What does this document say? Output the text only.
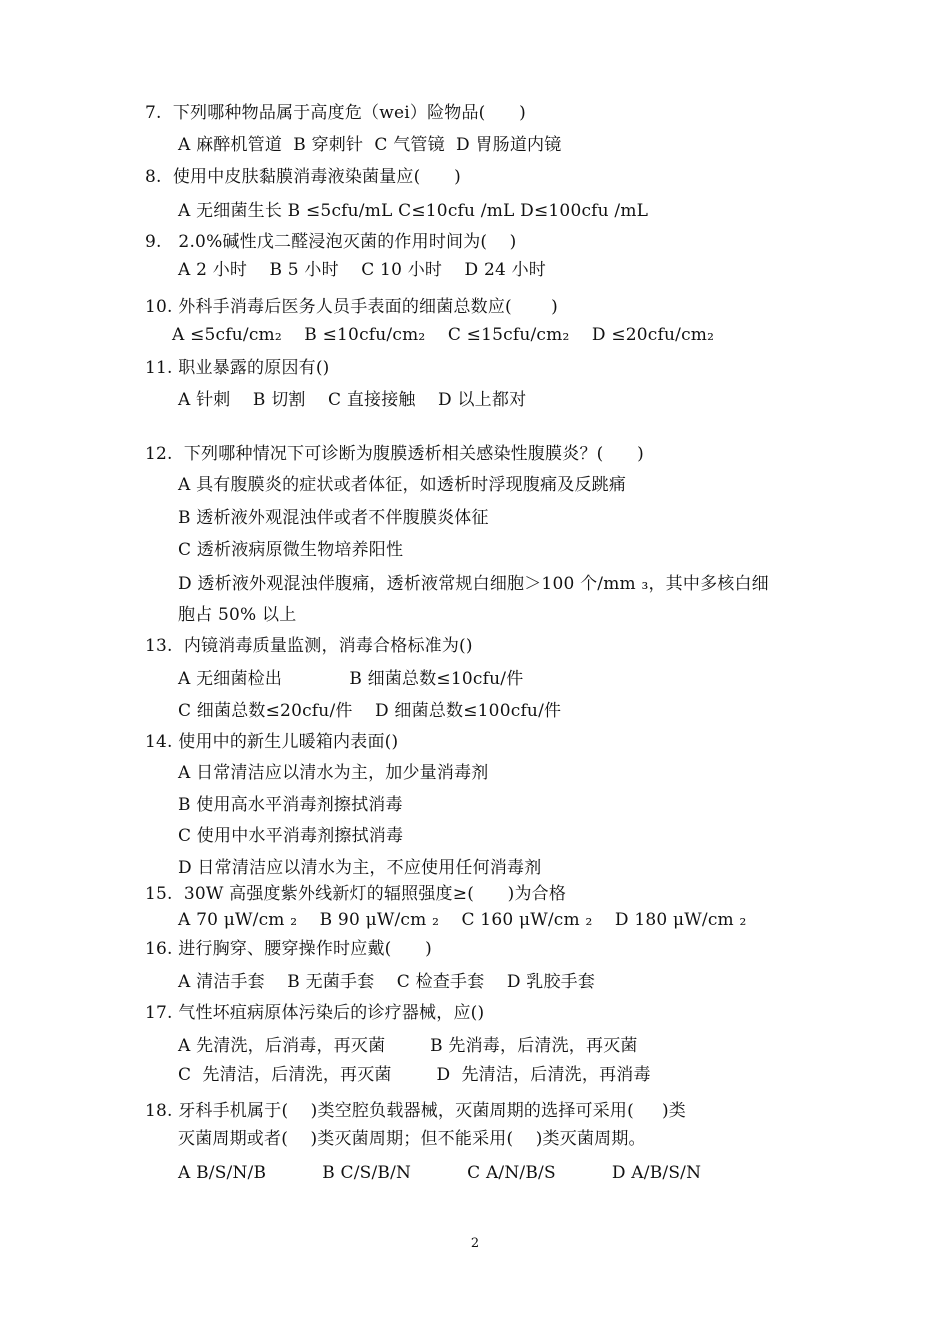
7.  下列哪种物品属于高度危（wei）险物品(      )
A 麻醉机管道  B 穿刺针  C 气管镜  D 胃肠道内镜
8.  使用中皮肤黏膜消毒液染菌量应(      )
A 无细菌生长 B ≤5cfu/mL C≤10cfu /mL D≤100cfu /mL
9.   2.0%碱性戊二醛浸泡灭菌的作用时间为(    )
A 2 小时    B 5 小时    C 10 小时    D 24 小时
10. 外科手消毒后医务人员手表面的细菌总数应(       )
A ≤5cfu/cm₂    B ≤10cfu/cm₂    C ≤15cfu/cm₂    D ≤20cfu/cm₂
11. 职业暴露的原因有()
A 针刺    B 切割    C 直接接触    D 以上都对
12.  下列哪种情况下可诊断为腹膜透析相关感染性腹膜炎？(      )
A 具有腹膜炎的症状或者体征，如透析时浮现腹痛及反跳痛
B 透析液外观混浊伴或者不伴腹膜炎体征
C 透析液病原微生物培养阳性
D 透析液外观混浊伴腹痛，透析液常规白细胞＞100 个/mm ₃，其中多核白细
胞占 50% 以上
13.  内镜消毒质量监测，消毒合格标准为()
A 无细菌检出            B 细菌总数≤10cfu/件
C 细菌总数≤20cfu/件    D 细菌总数≤100cfu/件
14. 使用中的新生儿暖箱内表面()
A 日常清洁应以清水为主，加少量消毒剂
B 使用高水平消毒剂擦拭消毒
C 使用中水平消毒剂擦拭消毒
D 日常清洁应以清水为主，不应使用任何消毒剂
15.  30W 高强度紫外线新灯的辐照强度≥(      )为合格
A 70 μW/cm ₂    B 90 μW/cm ₂    C 160 μW/cm ₂    D 180 μW/cm ₂
16. 进行胸穿、腰穿操作时应戴(      )
A 清洁手套    B 无菌手套    C 检查手套    D 乳胶手套
17. 气性坏疽病原体污染后的诊疗器械，应()
A 先清洗，后消毒，再灭菌        B 先消毒，后清洗，再灭菌
C  先清洁，后清洗，再灭菌        D  先清洁，后清洗，再消毒
18. 牙科手机属于(    )类空腔负载器械，灭菌周期的选择可采用(     )类
灭菌周期或者(    )类灭菌周期；但不能采用(    )类灭菌周期。
A B/S/N/B          B C/S/B/N          C A/N/B/S          D A/B/S/N
2
